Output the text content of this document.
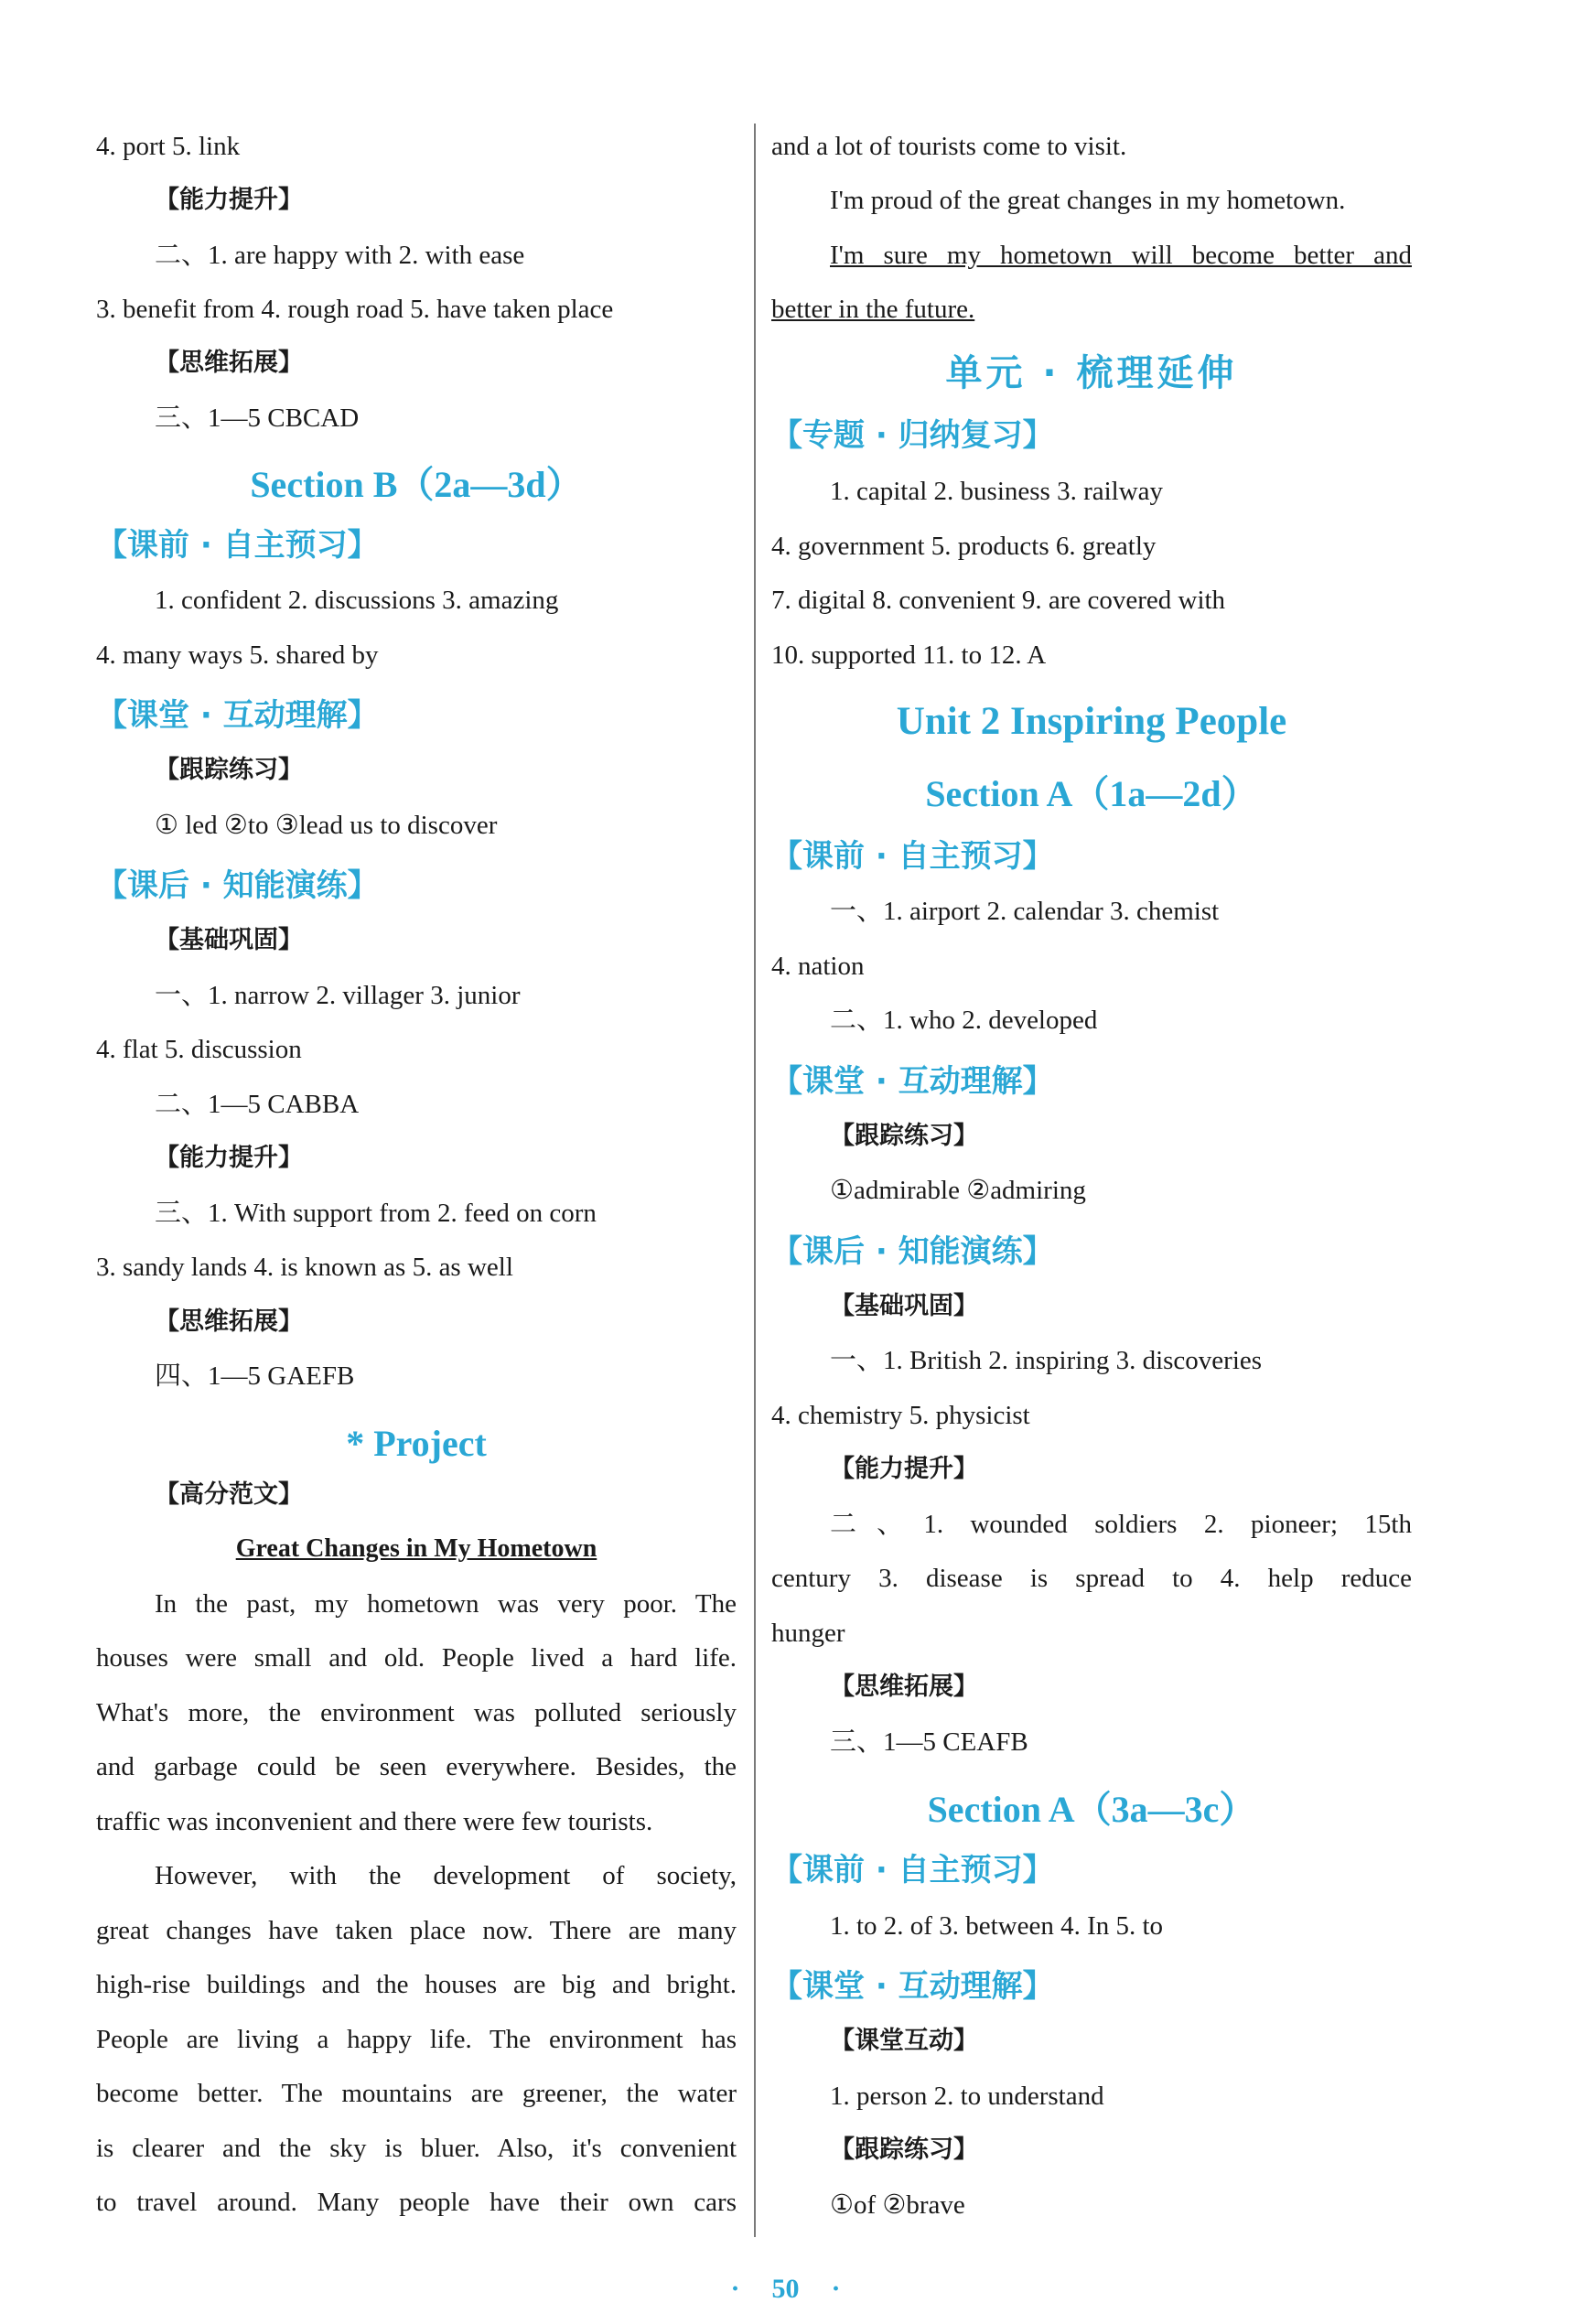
4. port 5. link
【能力提升】
二、1. are happy with 2. with ease
3. benefit from 4. rough road 5. have taken place
【思维拓展】
三、1—5 CBCAD
Section B（2a—3d）
【课前 · 自主预习】
1. confident 2. discussions 3. amazing
4. many ways 5. shared by
【课堂 · 互动理解】
【跟踪练习】
① led ②to ③lead us to discover
【课后 · 知能演练】
【基础巩固】
一、1. narrow 2. villager 3. junior
4. flat 5. discussion
二、1—5 CABBA
【能力提升】
三、1. With support from 2. feed on corn
3. sandy lands 4. is known as 5. as well
【思维拓展】
四、1—5 GAEFB
* Project
【高分范文】
Great Changes in My Hometown
In the past, my hometown was very poor. The
houses were small and old. People lived a hard life.
What's more, the environment was polluted seriously
and garbage could be seen everywhere. Besides, the
traffic was inconvenient and there were few tourists.
However, with the development of society,
great changes have taken place now. There are many
high-rise buildings and the houses are big and bright.
People are living a happy life. The environment has
become better. The mountains are greener, the water
is clearer and the sky is bluer. Also, it's convenient
to travel around. Many people have their own cars
and a lot of tourists come to visit.
I'm proud of the great changes in my hometown.
I'm sure my hometown will become better and
better in the future.
单元 · 梳理延伸
【专题 · 归纳复习】
1. capital 2. business 3. railway
4. government 5. products 6. greatly
7. digital 8. convenient 9. are covered with
10. supported 11. to 12. A
Unit 2 Inspiring People
Section A（1a—2d）
【课前 · 自主预习】
一、1. airport 2. calendar 3. chemist
4. nation
二、1. who 2. developed
【课堂 · 互动理解】
【跟踪练习】
①admirable ②admiring
【课后 · 知能演练】
【基础巩固】
一、1. British 2. inspiring 3. discoveries
4. chemistry 5. physicist
【能力提升】
二、1. wounded soldiers 2. pioneer; 15th
century 3. disease is spread to 4. help reduce
hunger
【思维拓展】
三、1—5 CEAFB
Section A（3a—3c）
【课前 · 自主预习】
1. to 2. of 3. between 4. In 5. to
【课堂 · 互动理解】
【课堂互动】
1. person 2. to understand
【跟踪练习】
①of ②brave
· 50 ·
